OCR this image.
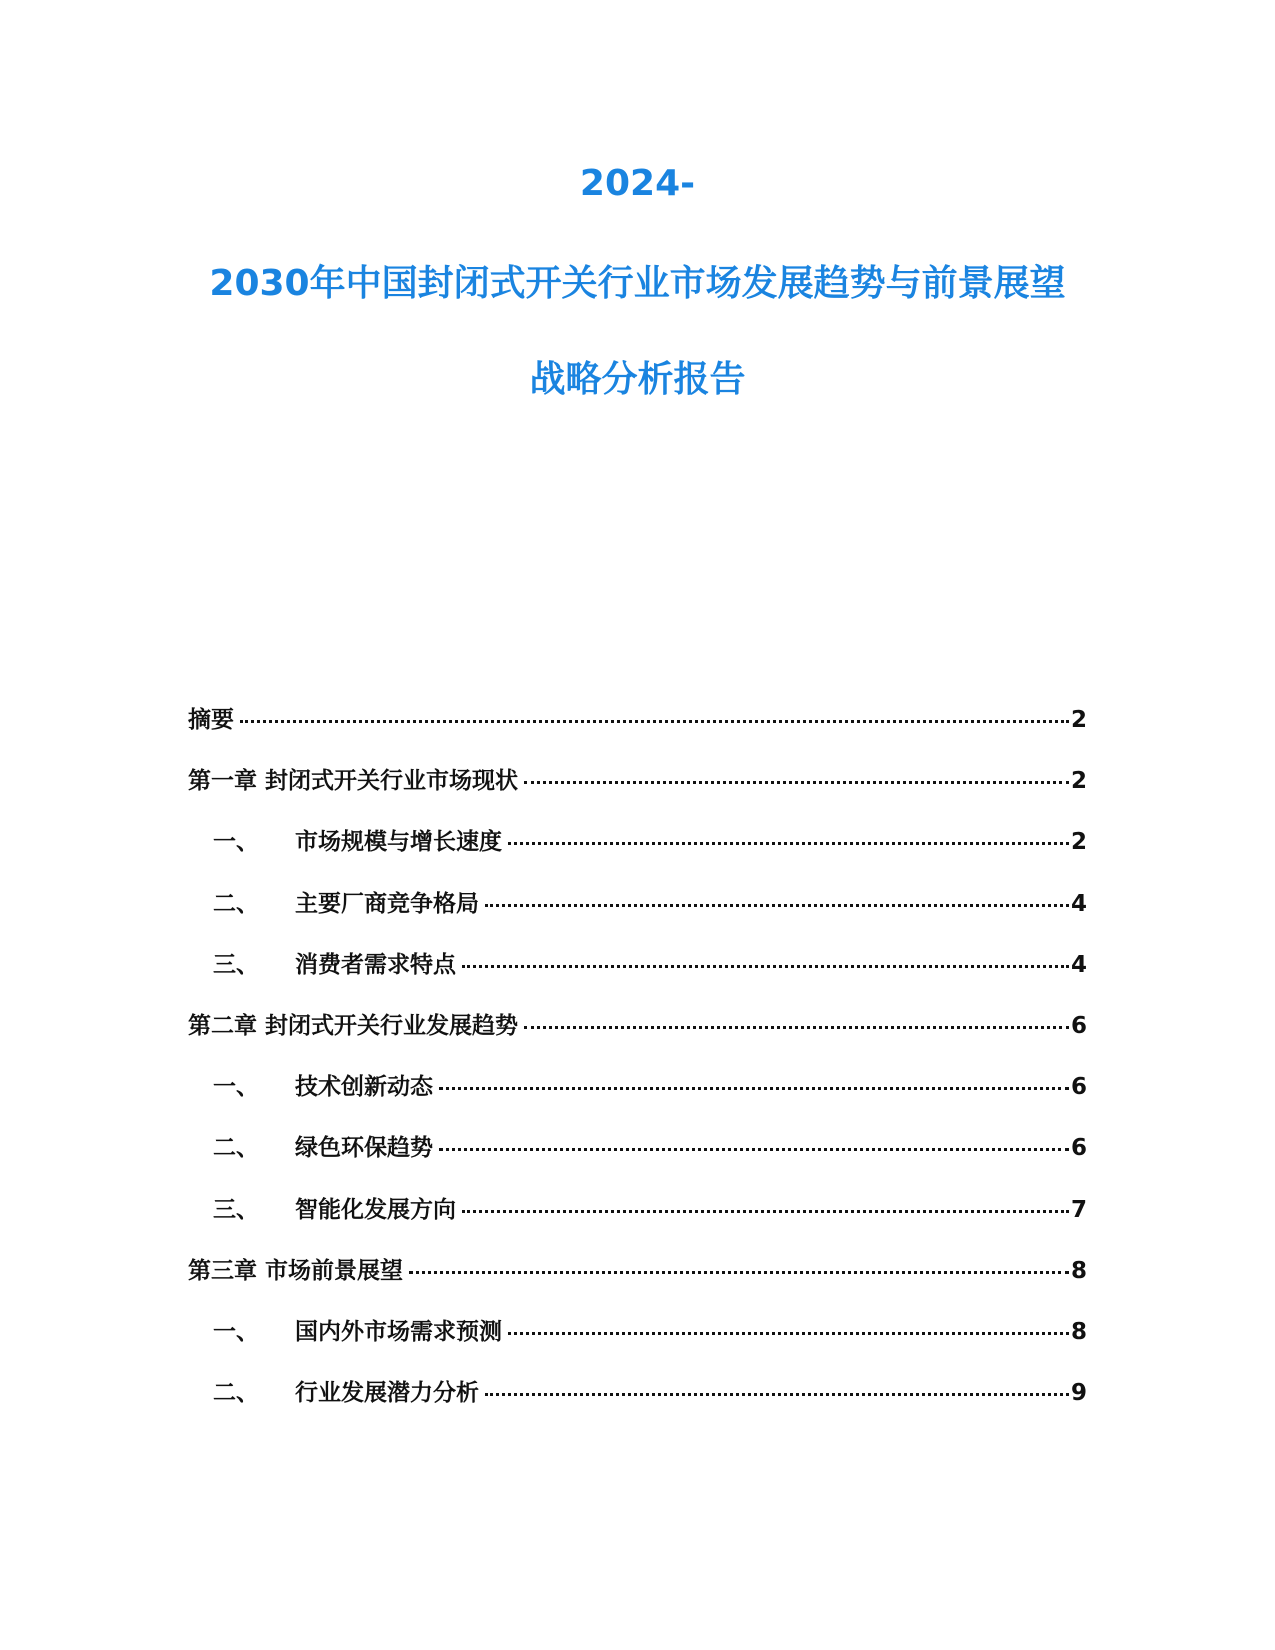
2024-
2030年中国封闭式开关行业市场发展趋势与前景展望
战略分析报告
摘要	2
第一章 封闭式开关行业市场现状	2
一、 市场规模与增长速度	2
二、 主要厂商竞争格局	4
三、 消费者需求特点	4
第二章 封闭式开关行业发展趋势	6
一、 技术创新动态	6
二、 绿色环保趋势	6
三、 智能化发展方向	7
第三章 市场前景展望	8
一、 国内外市场需求预测	8
二、 行业发展潜力分析	9
